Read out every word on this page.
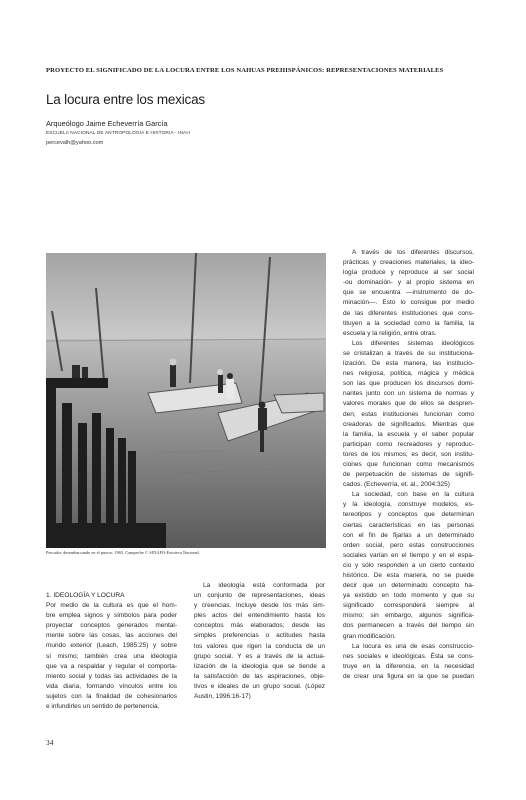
PROYECTO EL SIGNIFICADO DE LA LOCURA ENTRE LOS NAHUAS PREHISPÁNICOS: REPRESENTACIONES MATERIALES
La locura entre los mexicas
Arqueólogo Jaime Echeverría García
ESCUELA NACIONAL DE ANTROPOLOGÍA E HISTORIA - INAH
percevalh@yahoo.com
Pescador desembarcando en el puerto, 1965, Campeche © SINAFO-Fototeca Nacional.
1. IDEOLOGÍA Y LOCURA
Por medio de la cultura es que el hom-
bre emplea signos y símbolos para poder
proyectar conceptos generados mental-
mente sobre las cosas, las acciones del
mundo exterior (Leach, 1985:25) y sobre
sí mismo; también crea una ideología
que va a respaldar y regular el comporta-
miento social y todas las actividades de la
vida diaria, formando vínculos entre los
sujetos con la finalidad de cohesionarlos
e infundirles un sentido de pertenencia.
La ideología está conformada por
un conjunto de representaciones, ideas
y creencias. Incluye desde los más sim-
ples actos del entendimiento hasta los
conceptos más elaborados; desde las
simples preferencias o actitudes hasta
los valores que rigen la conducta de un
grupo social. Y es a través de la actua-
lización de la ideología que se tiende a
la satisfacción de las aspiraciones, obje-
tivos e ideales de un grupo social. (López
Austin, 1996:16-17)
A través de los diferentes discursos,
prácticas y creaciones materiales, la ideo-
logía produce y reproduce al ser social
-ou dominación- y al propio sistema en
que se encuentra —instrumento de do-
minación—. Esto lo consigue por medio
de las diferentes instituciones que cons-
tituyen a la sociedad como la familia, la
escuela y la religión, entre otras.
Los diferentes sistemas ideológicos
se cristalizan a través de su instituciona-
lización. De esta manera, las institucio-
nes religiosa, política, mágica y médica
son las que producen los discursos domi-
nantes junto con un sistema de normas y
valores morales que de ellos se despren-
den; estas instituciones funcionan como
creadoras de significados. Mientras que
la familia, la escuela y el saber popular
participan como recreadores y reproduc-
tores de los mismos; es decir, son institu-
ciones que funcionan como mecanismos
de perpetuación de sistemas de signifi-
cados. (Echeverría, et. al., 2004:325)
La sociedad, con base en la cultura
y la ideología, construye modelos, es-
tereotipos y conceptos que determinan
ciertas características en las personas
con el fin de fijarlas a un determinado
orden social, pero estas construcciones
sociales varían en el tiempo y en el espa-
cio y sólo responden a un cierto contexto
histórico. De esta manera, no se puede
decir que un determinado concepto ha-
ya existido en todo momento y que su
significado corresponderá siempre al
mismo; sin embargo, algunos significa-
dos permanecen a través del tiempo sin
gran modificación.
La locura es una de esas construccio-
nes sociales e ideológicas. Ésta se cons-
truye en la diferencia, en la necesidad
de crear una figura en la que se puedan
34
